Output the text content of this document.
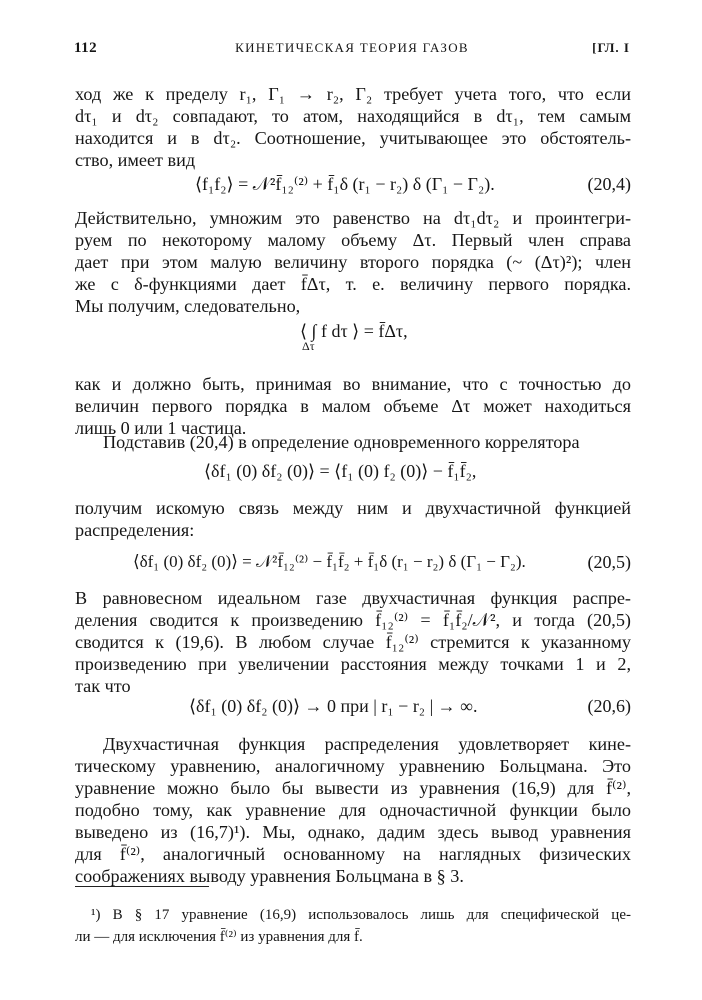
112	КИНЕТИЧЕСКАЯ ТЕОРИЯ ГАЗОВ	[ГЛ. I
ход же к пределу r₁, Γ₁ → r₂, Γ₂ требует учета того, что если
dτ₁ и dτ₂ совпадают, то атом, находящийся в dτ₁, тем самым
находится и в dτ₂. Соотношение, учитывающее это обстоятель-
ство, имеет вид
⟨f₁f₂⟩ = 𝒩²f̄₁₂⁽²⁾ + f̄₁δ (r₁ − r₂) δ (Γ₁ − Γ₂).	(20,4)
Действительно, умножим это равенство на dτ₁dτ₂ и проинтегри-
руем по некоторому малому объему Δτ. Первый член справа
дает при этом малую величину второго порядка (~ (Δτ)²); член
же с δ-функциями дает f̄Δτ, т. е. величину первого порядка.
Мы получим, следовательно,
⟨ ∫ f dτ ⟩ = f̄Δτ,
Δτ
как и должно быть, принимая во внимание, что с точностью до
величин первого порядка в малом объеме Δτ может находиться
лишь 0 или 1 частица.
Подставив (20,4) в определение одновременного коррелятора
⟨δf₁ (0) δf₂ (0)⟩ = ⟨f₁ (0) f₂ (0)⟩ − f̄₁f̄₂,
получим искомую связь между ним и двухчастичной функцией
распределения:
⟨δf₁ (0) δf₂ (0)⟩ = 𝒩²f̄₁₂⁽²⁾ − f̄₁f̄₂ + f̄₁δ (r₁ − r₂) δ (Γ₁ − Γ₂).	(20,5)
В равновесном идеальном газе двухчастичная функция распре-
деления сводится к произведению f̄₁₂⁽²⁾ = f̄₁f̄₂/𝒩², и тогда (20,5)
сводится к (19,6). В любом случае f̄₁₂⁽²⁾ стремится к указанному
произведению при увеличении расстояния между точками 1 и 2,
так что
⟨δf₁ (0) δf₂ (0)⟩ → 0 при | r₁ − r₂ | → ∞.	(20,6)
Двухчастичная функция распределения удовлетворяет кине-
тическому уравнению, аналогичному уравнению Больцмана. Это
уравнение можно было бы вывести из уравнения (16,9) для f̄⁽²⁾,
подобно тому, как уравнение для одночастичной функции было
выведено из (16,7)¹). Мы, однако, дадим здесь вывод уравнения
для f̄⁽²⁾, аналогичный основанному на наглядных физических
соображениях выводу уравнения Больцмана в § 3.
¹) В § 17 уравнение (16,9) использовалось лишь для специфической це-
ли — для исключения f̄⁽²⁾ из уравнения для f̄.
